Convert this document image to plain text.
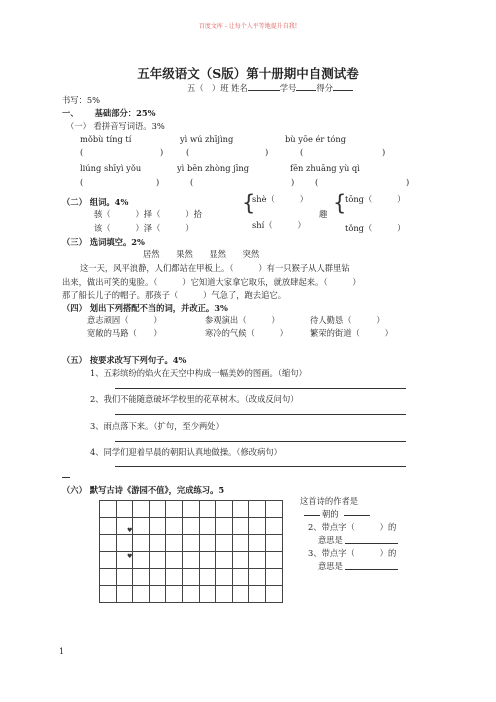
百度文库 - 让每个人平等地提升自我!
五年级语文（S版）第十册期中自测试卷
五（　）班 姓名	学号 得分
书写：5%
一、 基础部分：25%
（一） 看拼音写词语。3%
mǒbù tíng tí	yì wú zhījìng	bù yōe ér tóng
(	)	(	)	(	)
liúng shīyì yǒu	yì bēn zhòng jīng	fēn zhuāng yù qì
(	)	(	)	(	)
（二） 组词。4%
骇（　　　）择（　　　）拾
该（　　　）泽（　　　）
{
shè（　　　）
shí（　　　）
趣 {
tōng（　　　）
tǒng（　　　）
（三） 选词填空。2%
居然　　果然　　显然　　突然
这一天，风平浪静，人们都站在甲板上。（　　　）有一只猴子从人群里钻
出来，做出可笑的鬼脸。（　　　）它知道大家拿它取乐，就放肆起来。（　　　）
那了船长儿子的帽子。那孩子（　　　）气急了，跑去追它。
（四） 划出下列搭配不当的词，并改正。3%
意志顽固（　　　）	参观演出（　　　）	待人勤恳（　　　）
宽敞的马路（　　）	寒冷的气候（　　　）	繁荣的街道（　　　）
（五） 按要求改写下列句子。4%
1、五彩缤纷的焰火在天空中构成一幅美妙的图画。（缩句）
2、我们不能随意破坏学校里的花草树木。（改成反问句）
3、雨点落下来。（扩句，至少两处）
4、同学们迎着早晨的朝阳认真地做操。（修改病句）
（六） 默写古诗《游园不值》，完成练习。5

♥
♥
这首诗的作者是
朝的
2、带点字（　　　）的
意思是
3、带点字（　　　）的
意思是
1
